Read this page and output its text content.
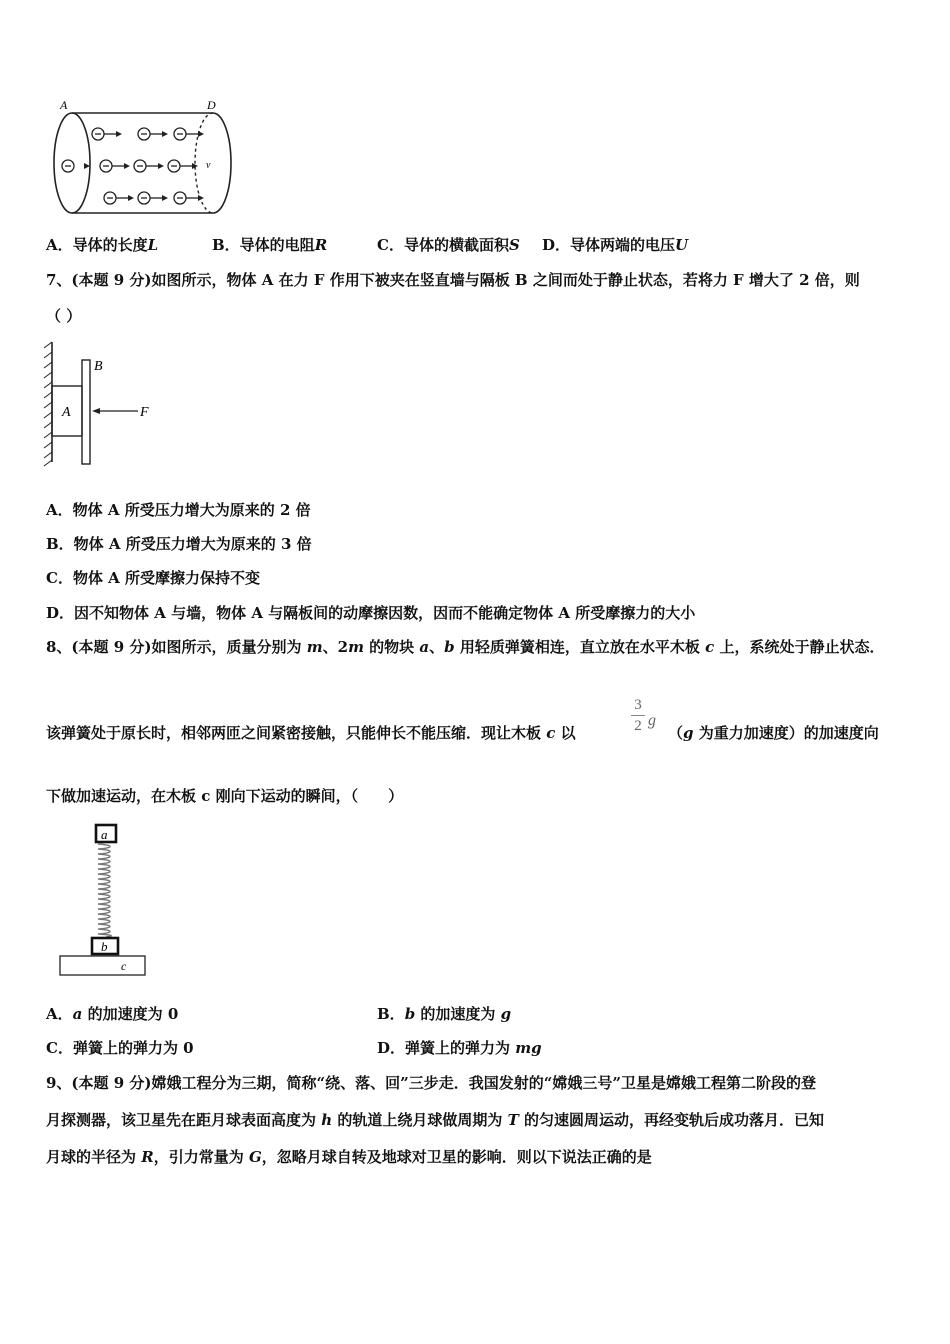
A	D
v
A．导体的长度L	B．导体的电阻R	C．导体的横截面积S D．导体两端的电压U
7、(本题 9 分)如图所示，物体 A 在力 F 作用下被夹在竖直墙与隔板 B 之间而处于静止状态，若将力 F 增大了 2 倍，则
（ ）
A
B
F
A．物体 A 所受压力增大为原来的 2 倍
B．物体 A 所受压力增大为原来的 3 倍
C．物体 A 所受摩擦力保持不变
D．因不知物体 A 与墙，物体 A 与隔板间的动摩擦因数，因而不能确定物体 A 所受摩擦力的大小
8、(本题 9 分)如图所示，质量分别为 m、2m 的物块 a、b 用轻质弹簧相连，直立放在水平木板 c 上，系统处于静止状态．
该弹簧处于原长时，相邻两匝之间紧密接触，只能伸长不能压缩．现让木板 c 以
3
2 g
（g 为重力加速度）的加速度向
下做加速运动，在木板 c 刚向下运动的瞬间，（　　）
a
b
c
A．a 的加速度为 0	B．b 的加速度为 g
C．弹簧上的弹力为 0	D．弹簧上的弹力为 mg
9、(本题 9 分)嫦娥工程分为三期，简称“绕、落、回”三步走．我国发射的“嫦娥三号”卫星是嫦娥工程第二阶段的登
月探测器，该卫星先在距月球表面高度为 h 的轨道上绕月球做周期为 T 的匀速圆周运动，再经变轨后成功落月．已知
月球的半径为 R，引力常量为 G，忽略月球自转及地球对卫星的影响．则以下说法正确的是
